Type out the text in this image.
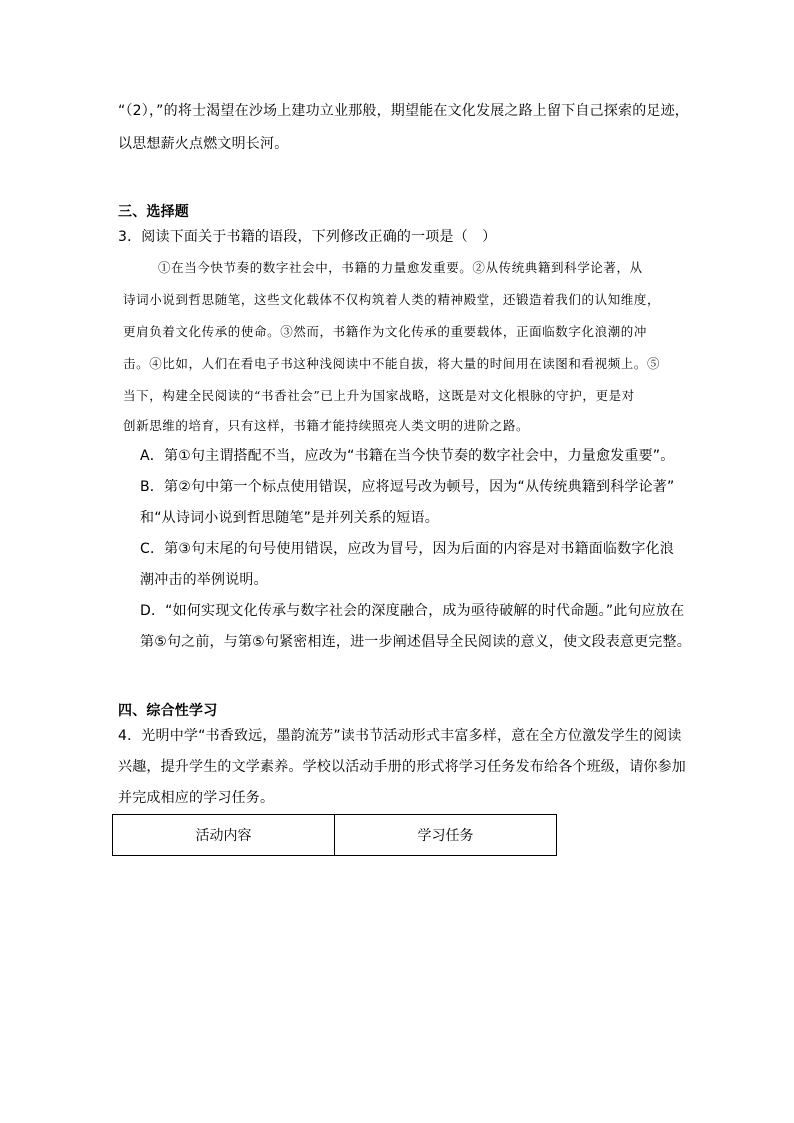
“（2），”的将士渴望在沙场上建功立业那般，期望能在文化发展之路上留下自己探索的足迹，
以思想薪火点燃文明长河。
三、选择题
3．阅读下面关于书籍的语段，下列修改正确的一项是（　）
①在当今快节奏的数字社会中，书籍的力量愈发重要。②从传统典籍到科学论著，从
诗词小说到哲思随笔，这些文化载体不仅构筑着人类的精神殿堂，还锻造着我们的认知维度，
更肩负着文化传承的使命。③然而，书籍作为文化传承的重要载体，正面临数字化浪潮的冲
击。④比如，人们在看电子书这种浅阅读中不能自拔，将大量的时间用在读图和看视频上。⑤
当下，构建全民阅读的“书香社会”已上升为国家战略，这既是对文化根脉的守护，更是对
创新思维的培育，只有这样，书籍才能持续照亮人类文明的进阶之路。
A．第①句主谓搭配不当，应改为“书籍在当今快节奏的数字社会中，力量愈发重要”。
B．第②句中第一个标点使用错误，应将逗号改为顿号，因为“从传统典籍到科学论著”
和“从诗词小说到哲思随笔”是并列关系的短语。
C．第③句末尾的句号使用错误，应改为冒号，因为后面的内容是对书籍面临数字化浪
潮冲击的举例说明。
D．“如何实现文化传承与数字社会的深度融合，成为亟待破解的时代命题。”此句应放在
第⑤句之前，与第⑤句紧密相连，进一步阐述倡导全民阅读的意义，使文段表意更完整。
四、综合性学习
4．光明中学“书香致远，墨韵流芳”读书节活动形式丰富多样，意在全方位激发学生的阅读
兴趣，提升学生的文学素养。学校以活动手册的形式将学习任务发布给各个班级，请你参加
并完成相应的学习任务。
活动内容	学习任务
